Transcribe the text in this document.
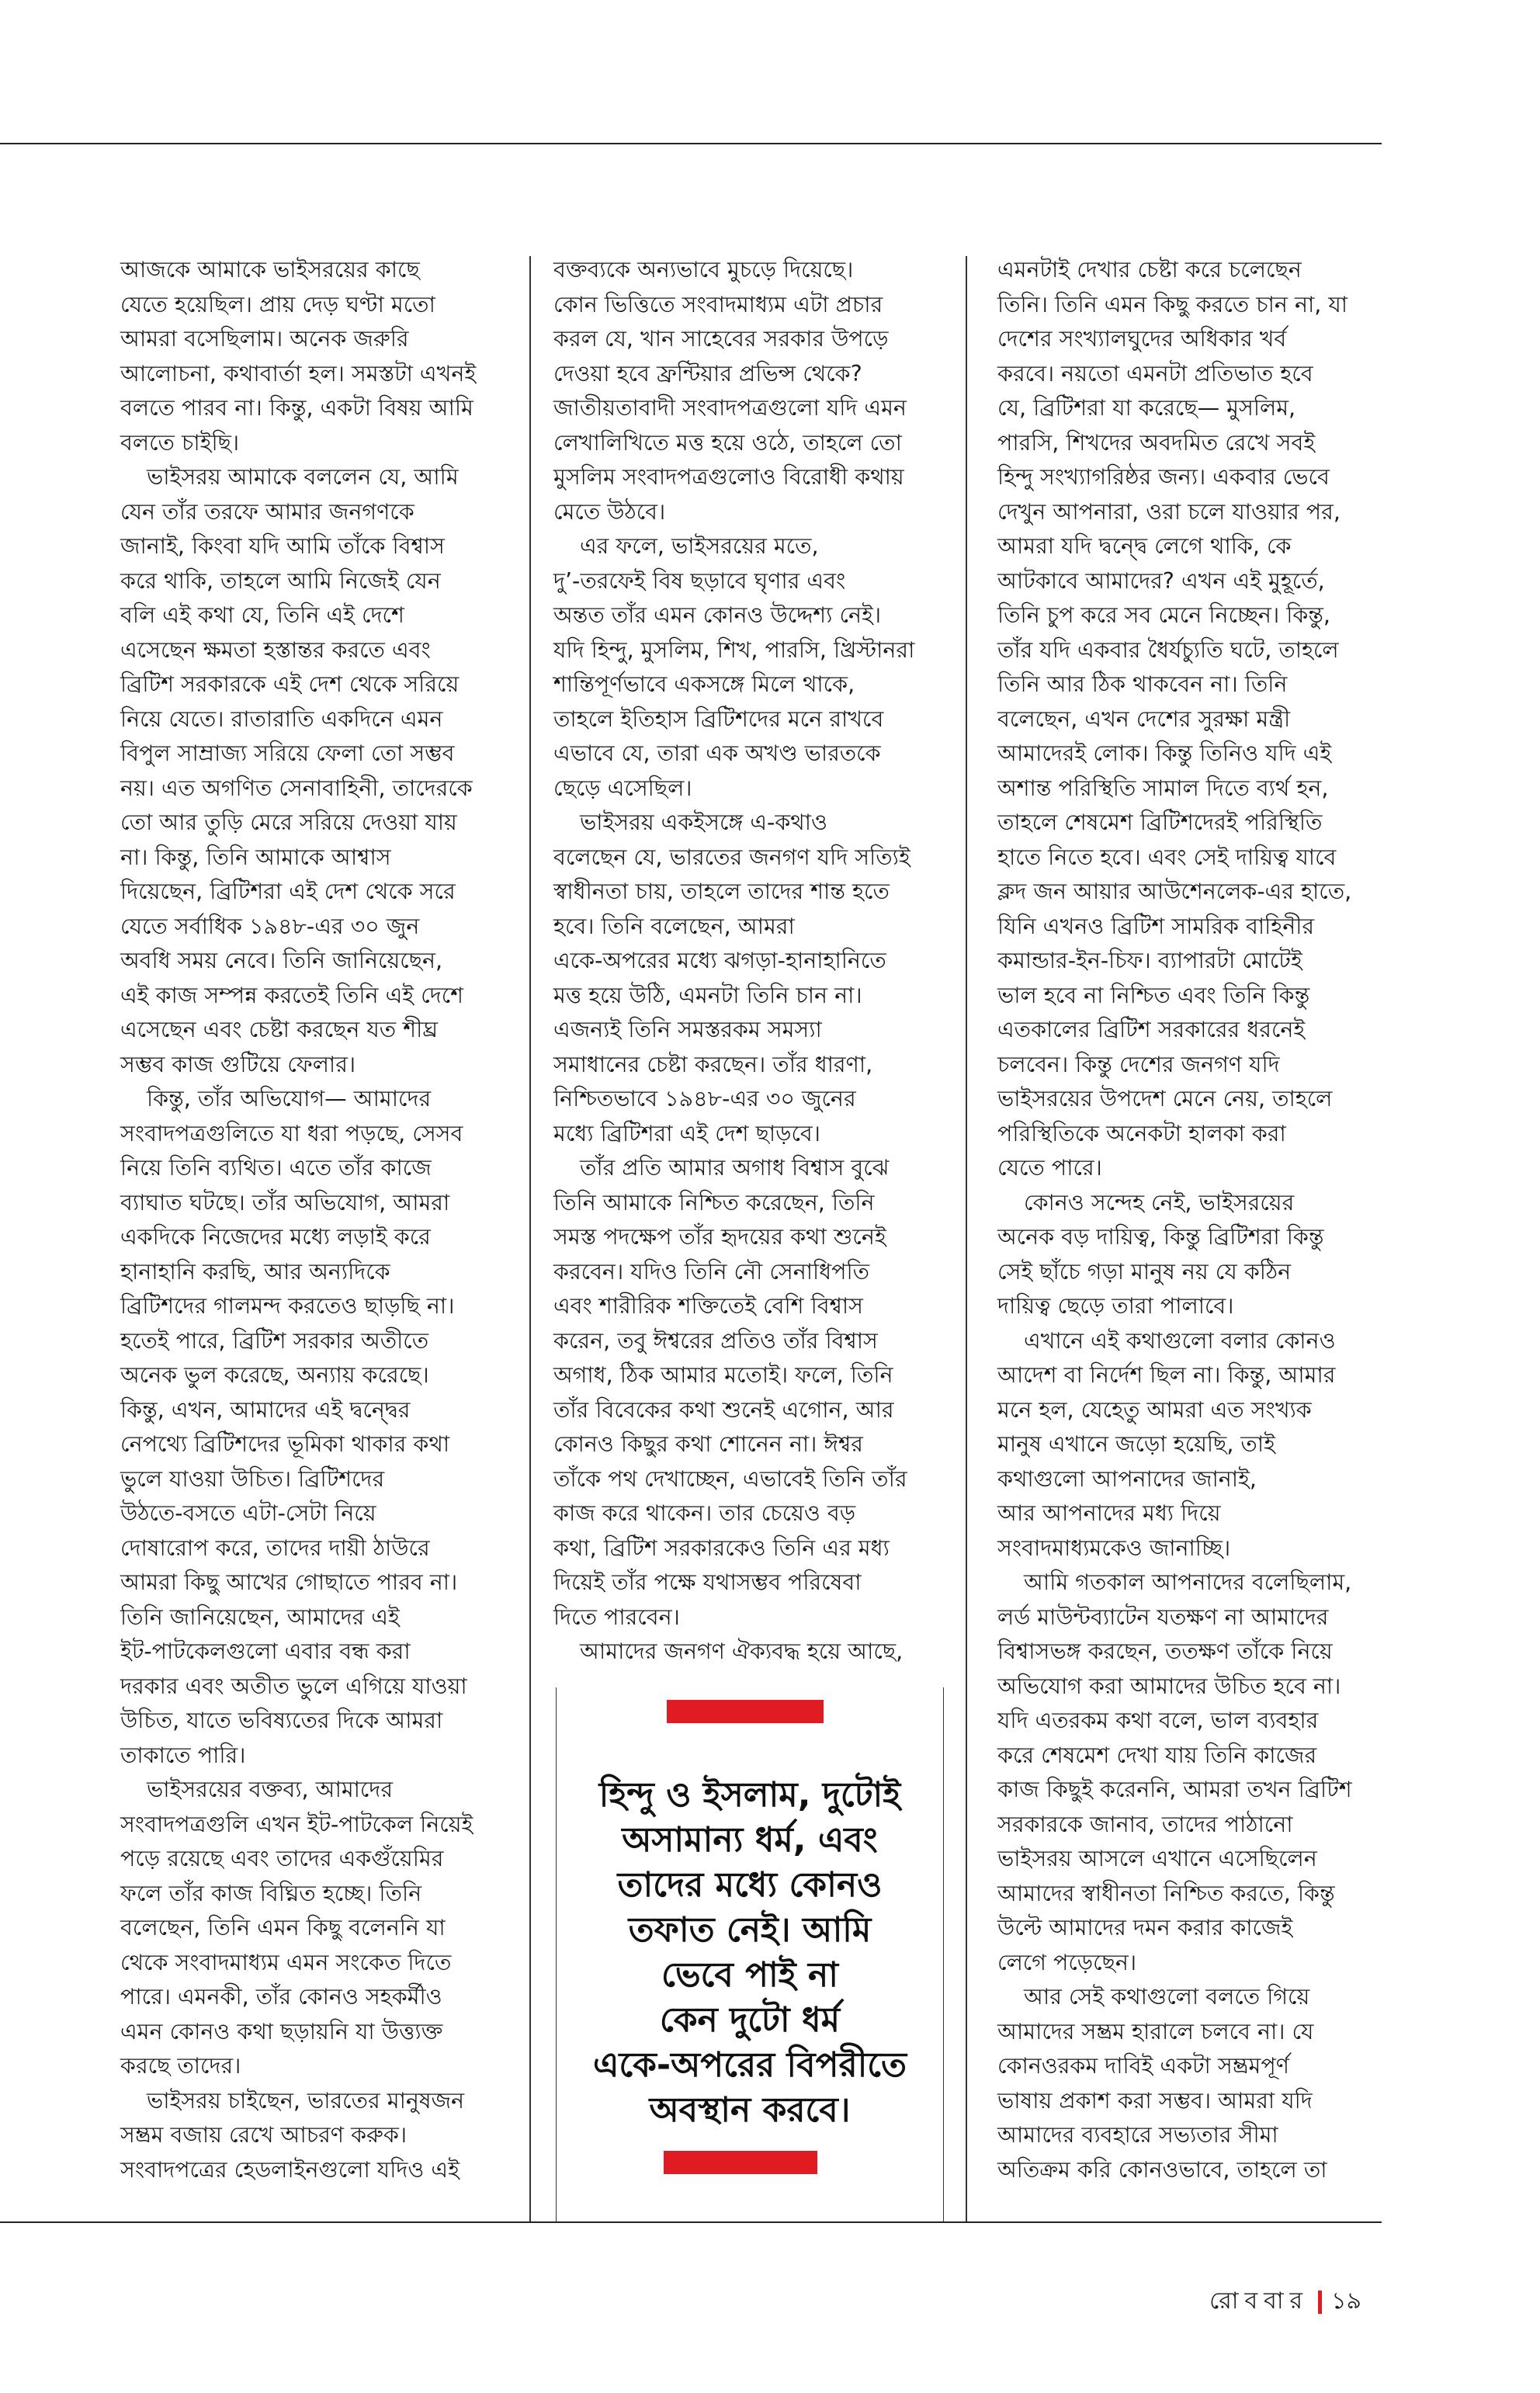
আজকে আমাকে ভাইসরয়ের কাছে
যেতে হয়েছিল। প্রায় দেড় ঘণ্টা মতো
আমরা বসেছিলাম। অনেক জরুরি
আলোচনা, কথাবার্তা হল। সমস্তটা এখনই
বলতে পারব না। কিন্তু, একটা বিষয় আমি
বলতে চাইছি।
ভাইসরয় আমাকে বললেন যে, আমি
যেন তাঁর তরফে আমার জনগণকে
জানাই, কিংবা যদি আমি তাঁকে বিশ্বাস
করে থাকি, তাহলে আমি নিজেই যেন
বলি এই কথা যে, তিনি এই দেশে
এসেছেন ক্ষমতা হস্তান্তর করতে এবং
ব্রিটিশ সরকারকে এই দেশ থেকে সরিয়ে
নিয়ে যেতে। রাতারাতি একদিনে এমন
বিপুল সাম্রাজ্য সরিয়ে ফেলা তো সম্ভব
নয়। এত অগণিত সেনাবাহিনী, তাদেরকে
তো আর তুড়ি মেরে সরিয়ে দেওয়া যায়
না। কিন্তু, তিনি আমাকে আশ্বাস
দিয়েছেন, ব্রিটিশরা এই দেশ থেকে সরে
যেতে সর্বাধিক ১৯৪৮-এর ৩০ জুন
অবধি সময় নেবে। তিনি জানিয়েছেন,
এই কাজ সম্পন্ন করতেই তিনি এই দেশে
এসেছেন এবং চেষ্টা করছেন যত শীঘ্র
সম্ভব কাজ গুটিয়ে ফেলার।
কিন্তু, তাঁর অভিযোগ— আমাদের
সংবাদপত্রগুলিতে যা ধরা পড়ছে, সেসব
নিয়ে তিনি ব্যথিত। এতে তাঁর কাজে
ব্যাঘাত ঘটছে। তাঁর অভিযোগ, আমরা
একদিকে নিজেদের মধ্যে লড়াই করে
হানাহানি করছি, আর অন্যদিকে
ব্রিটিশদের গালমন্দ করতেও ছাড়ছি না।
হতেই পারে, ব্রিটিশ সরকার অতীতে
অনেক ভুল করেছে, অন্যায় করেছে।
কিন্তু, এখন, আমাদের এই দ্বন্দ্বের
নেপথ্যে ব্রিটিশদের ভূমিকা থাকার কথা
ভুলে যাওয়া উচিত। ব্রিটিশদের
উঠতে-বসতে এটা-সেটা নিয়ে
দোষারোপ করে, তাদের দায়ী ঠাউরে
আমরা কিছু আখের গোছাতে পারব না।
তিনি জানিয়েছেন, আমাদের এই
ইট-পাটকেলগুলো এবার বন্ধ করা
দরকার এবং অতীত ভুলে এগিয়ে যাওয়া
উচিত, যাতে ভবিষ্যতের দিকে আমরা
তাকাতে পারি।
ভাইসরয়ের বক্তব্য, আমাদের
সংবাদপত্রগুলি এখন ইট-পাটকেল নিয়েই
পড়ে রয়েছে এবং তাদের একগুঁয়েমির
ফলে তাঁর কাজ বিঘ্নিত হচ্ছে। তিনি
বলেছেন, তিনি এমন কিছু বলেননি যা
থেকে সংবাদমাধ্যম এমন সংকেত দিতে
পারে। এমনকী, তাঁর কোনও সহকর্মীও
এমন কোনও কথা ছড়ায়নি যা উত্ত্যক্ত
করছে তাদের।
ভাইসরয় চাইছেন, ভারতের মানুষজন
সম্ভ্রম বজায় রেখে আচরণ করুক।
সংবাদপত্রের হেডলাইনগুলো যদিও এই
বক্তব্যকে অন্যভাবে মুচড়ে দিয়েছে।
কোন ভিত্তিতে সংবাদমাধ্যম এটা প্রচার
করল যে, খান সাহেবের সরকার উপড়ে
দেওয়া হবে ফ্রন্টিয়ার প্রভিন্স থেকে?
জাতীয়তাবাদী সংবাদপত্রগুলো যদি এমন
লেখালিখিতে মত্ত হয়ে ওঠে, তাহলে তো
মুসলিম সংবাদপত্রগুলোও বিরোধী কথায়
মেতে উঠবে।
এর ফলে, ভাইসরয়ের মতে,
দু’-তরফেই বিষ ছড়াবে ঘৃণার এবং
অন্তত তাঁর এমন কোনও উদ্দেশ্য নেই।
যদি হিন্দু, মুসলিম, শিখ, পারসি, খ্রিস্টানরা
শান্তিপূর্ণভাবে একসঙ্গে মিলে থাকে,
তাহলে ইতিহাস ব্রিটিশদের মনে রাখবে
এভাবে যে, তারা এক অখণ্ড ভারতকে
ছেড়ে এসেছিল।
ভাইসরয় একইসঙ্গে এ-কথাও
বলেছেন যে, ভারতের জনগণ যদি সত্যিই
স্বাধীনতা চায়, তাহলে তাদের শান্ত হতে
হবে। তিনি বলেছেন, আমরা
একে-অপরের মধ্যে ঝগড়া-হানাহানিতে
মত্ত হয়ে উঠি, এমনটা তিনি চান না।
এজন্যই তিনি সমস্তরকম সমস্যা
সমাধানের চেষ্টা করছেন। তাঁর ধারণা,
নিশ্চিতভাবে ১৯৪৮-এর ৩০ জুনের
মধ্যে ব্রিটিশরা এই দেশ ছাড়বে।
তাঁর প্রতি আমার অগাধ বিশ্বাস বুঝে
তিনি আমাকে নিশ্চিত করেছেন, তিনি
সমস্ত পদক্ষেপ তাঁর হৃদয়ের কথা শুনেই
করবেন। যদিও তিনি নৌ সেনাধিপতি
এবং শারীরিক শক্তিতেই বেশি বিশ্বাস
করেন, তবু ঈশ্বরের প্রতিও তাঁর বিশ্বাস
অগাধ, ঠিক আমার মতোই। ফলে, তিনি
তাঁর বিবেকের কথা শুনেই এগোন, আর
কোনও কিছুর কথা শোনেন না। ঈশ্বর
তাঁকে পথ দেখাচ্ছেন, এভাবেই তিনি তাঁর
কাজ করে থাকেন। তার চেয়েও বড়
কথা, ব্রিটিশ সরকারকেও তিনি এর মধ্য
দিয়েই তাঁর পক্ষে যথাসম্ভব পরিষেবা
দিতে পারবেন।
আমাদের জনগণ ঐক্যবদ্ধ হয়ে আছে,
এমনটাই দেখার চেষ্টা করে চলেছেন
তিনি। তিনি এমন কিছু করতে চান না, যা
দেশের সংখ্যালঘুদের অধিকার খর্ব
করবে। নয়তো এমনটা প্রতিভাত হবে
যে, ব্রিটিশরা যা করেছে— মুসলিম,
পারসি, শিখদের অবদমিত রেখে সবই
হিন্দু সংখ্যাগরিষ্ঠর জন্য। একবার ভেবে
দেখুন আপনারা, ওরা চলে যাওয়ার পর,
আমরা যদি দ্বন্দ্বে লেগে থাকি, কে
আটকাবে আমাদের? এখন এই মুহূর্তে,
তিনি চুপ করে সব মেনে নিচ্ছেন। কিন্তু,
তাঁর যদি একবার ধৈর্যচ্যুতি ঘটে, তাহলে
তিনি আর ঠিক থাকবেন না। তিনি
বলেছেন, এখন দেশের সুরক্ষা মন্ত্রী
আমাদেরই লোক। কিন্তু তিনিও যদি এই
অশান্ত পরিস্থিতি সামাল দিতে ব্যর্থ হন,
তাহলে শেষমেশ ব্রিটিশদেরই পরিস্থিতি
হাতে নিতে হবে। এবং সেই দায়িত্ব যাবে
ক্লদ জন আয়ার আউশেনলেক-এর হাতে,
যিনি এখনও ব্রিটিশ সামরিক বাহিনীর
কমান্ডার-ইন-চিফ। ব্যাপারটা মোটেই
ভাল হবে না নিশ্চিত এবং তিনি কিন্তু
এতকালের ব্রিটিশ সরকারের ধরনেই
চলবেন। কিন্তু দেশের জনগণ যদি
ভাইসরয়ের উপদেশ মেনে নেয়, তাহলে
পরিস্থিতিকে অনেকটা হালকা করা
যেতে পারে।
কোনও সন্দেহ নেই, ভাইসরয়ের
অনেক বড় দায়িত্ব, কিন্তু ব্রিটিশরা কিন্তু
সেই ছাঁচে গড়া মানুষ নয় যে কঠিন
দায়িত্ব ছেড়ে তারা পালাবে।
এখানে এই কথাগুলো বলার কোনও
আদেশ বা নির্দেশ ছিল না। কিন্তু, আমার
মনে হল, যেহেতু আমরা এত সংখ্যক
মানুষ এখানে জড়ো হয়েছি, তাই
কথাগুলো আপনাদের জানাই,
আর আপনাদের মধ্য দিয়ে
সংবাদমাধ্যমকেও জানাচ্ছি।
আমি গতকাল আপনাদের বলেছিলাম,
লর্ড মাউন্টব্যাটেন যতক্ষণ না আমাদের
বিশ্বাসভঙ্গ করছেন, ততক্ষণ তাঁকে নিয়ে
অভিযোগ করা আমাদের উচিত হবে না।
যদি এতরকম কথা বলে, ভাল ব্যবহার
করে শেষমেশ দেখা যায় তিনি কাজের
কাজ কিছুই করেননি, আমরা তখন ব্রিটিশ
সরকারকে জানাব, তাদের পাঠানো
ভাইসরয় আসলে এখানে এসেছিলেন
আমাদের স্বাধীনতা নিশ্চিত করতে, কিন্তু
উল্টে আমাদের দমন করার কাজেই
লেগে পড়েছেন।
আর সেই কথাগুলো বলতে গিয়ে
আমাদের সম্ভ্রম হারালে চলবে না। যে
কোনওরকম দাবিই একটা সম্ভ্রমপূর্ণ
ভাষায় প্রকাশ করা সম্ভব। আমরা যদি
আমাদের ব্যবহারে সভ্যতার সীমা
অতিক্রম করি কোনওভাবে, তাহলে তা
হিন্দু ও ইসলাম, দুটোই
অসামান্য ধর্ম, এবং
তাদের মধ্যে কোনও
তফাত নেই। আমি
ভেবে পাই না
কেন দুটো ধর্ম
একে-অপরের বিপরীতে
অবস্থান করবে।
রোববার ১৯
